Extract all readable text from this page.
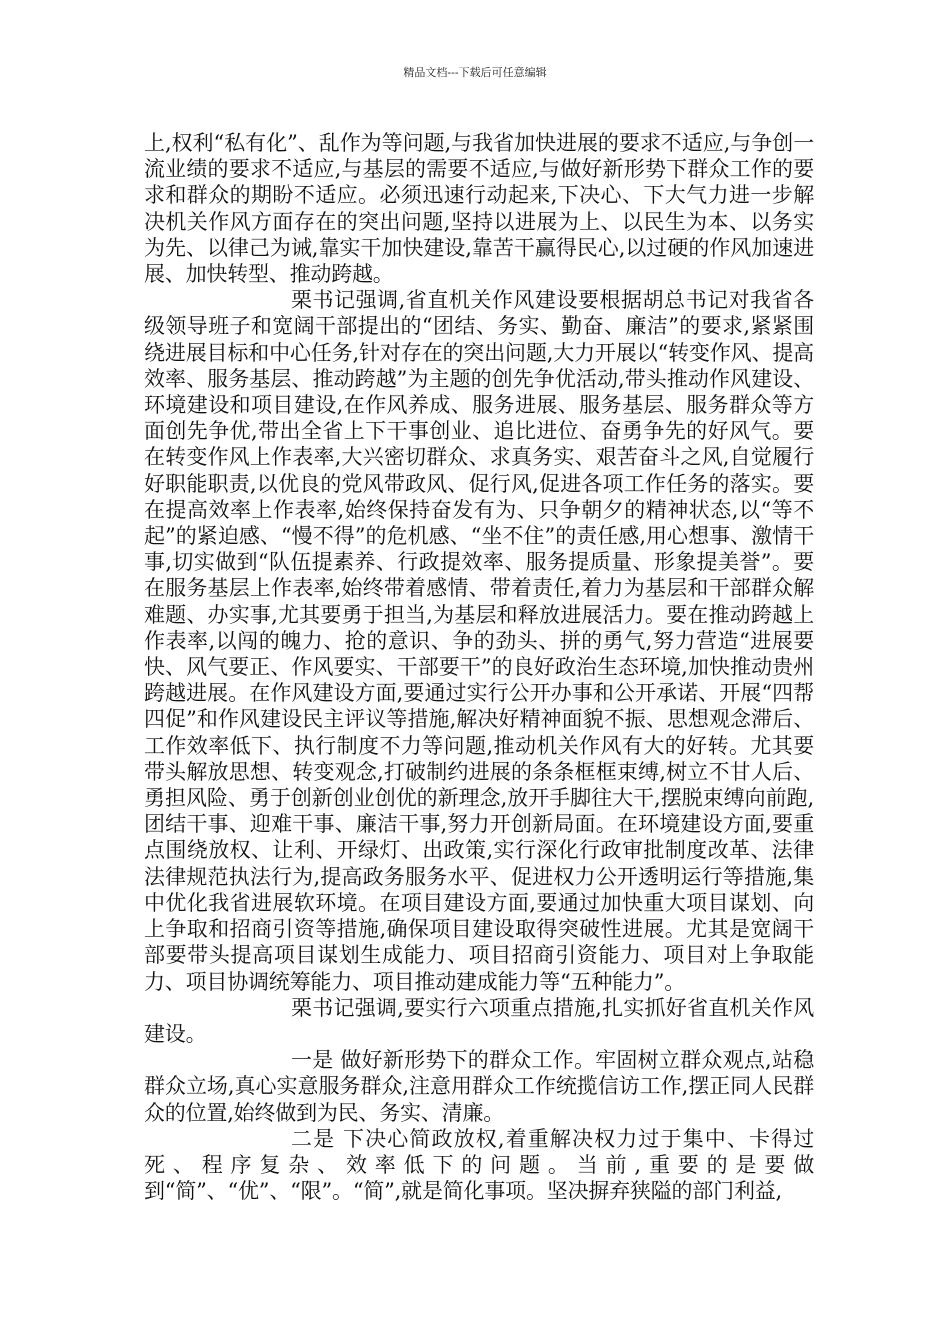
精品文档---下载后可任意编辑

上,权利“私有化”、乱作为等问题,与我省加快进展的要求不适应,与争创一流业绩的要求不适应,与基层的需要不适应,与做好新形势下群众工作的要求和群众的期盼不适应。必须迅速行动起来,下决心、下大气力进一步解决机关作风方面存在的突出问题,坚持以进展为上、以民生为本、以务实为先、以律己为诫,靠实干加快建设,靠苦干赢得民心,以过硬的作风加速进展、加快转型、推动跨越。

栗书记强调,省直机关作风建设要根据胡总书记对我省各级领导班子和宽阔干部提出的“团结、务实、勤奋、廉洁”的要求,紧紧围绕进展目标和中心任务,针对存在的突出问题,大力开展以“转变作风、提高效率、服务基层、推动跨越”为主题的创先争优活动,带头推动作风建设、环境建设和项目建设,在作风养成、服务进展、服务基层、服务群众等方面创先争优,带出全省上下干事创业、追比进位、奋勇争先的好风气。要在转变作风上作表率,大兴密切群众、求真务实、艰苦奋斗之风,自觉履行好职能职责,以优良的党风带政风、促行风,促进各项工作任务的落实。要在提高效率上作表率,始终保持奋发有为、只争朝夕的精神状态,以“等不起”的紧迫感、“慢不得”的危机感、“坐不住”的责任感,用心想事、激情干事,切实做到“队伍提素养、行政提效率、服务提质量、形象提美誉”。要在服务基层上作表率,始终带着感情、带着责任,着力为基层和干部群众解难题、办实事,尤其要勇于担当,为基层和释放进展活力。要在推动跨越上作表率,以闯的魄力、抢的意识、争的劲头、拼的勇气,努力营造“进展要快、风气要正、作风要实、干部要干”的良好政治生态环境,加快推动贵州跨越进展。在作风建设方面,要通过实行公开办事和公开承诺、开展“四帮四促”和作风建设民主评议等措施,解决好精神面貌不振、思想观念滞后、工作效率低下、执行制度不力等问题,推动机关作风有大的好转。尤其要带头解放思想、转变观念,打破制约进展的条条框框束缚,树立不甘人后、勇担风险、勇于创新创业创优的新理念,放开手脚往大干,摆脱束缚向前跑,团结干事、迎难干事、廉洁干事,努力开创新局面。在环境建设方面,要重点围绕放权、让利、开绿灯、出政策,实行深化行政审批制度改革、法律法律规范执法行为,提高政务服务水平、促进权力公开透明运行等措施,集中优化我省进展软环境。在项目建设方面,要通过加快重大项目谋划、向上争取和招商引资等措施,确保项目建设取得突破性进展。尤其是宽阔干部要带头提高项目谋划生成能力、项目招商引资能力、项目对上争取能力、项目协调统筹能力、项目推动建成能力等“五种能力”。

栗书记强调,要实行六项重点措施,扎实抓好省直机关作风建设。

一是 做好新形势下的群众工作。牢固树立群众观点,站稳群众立场,真心实意服务群众,注意用群众工作统揽信访工作,摆正同人民群众的位置,始终做到为民、务实、清廉。

二是 下决心简政放权,着重解决权力过于集中、卡得过死、程序复杂、效率低下的问题。当前,重要的是要做到“简”、“优”、“限”。“简”,就是简化事项。坚决摒弃狭隘的部门利益,
